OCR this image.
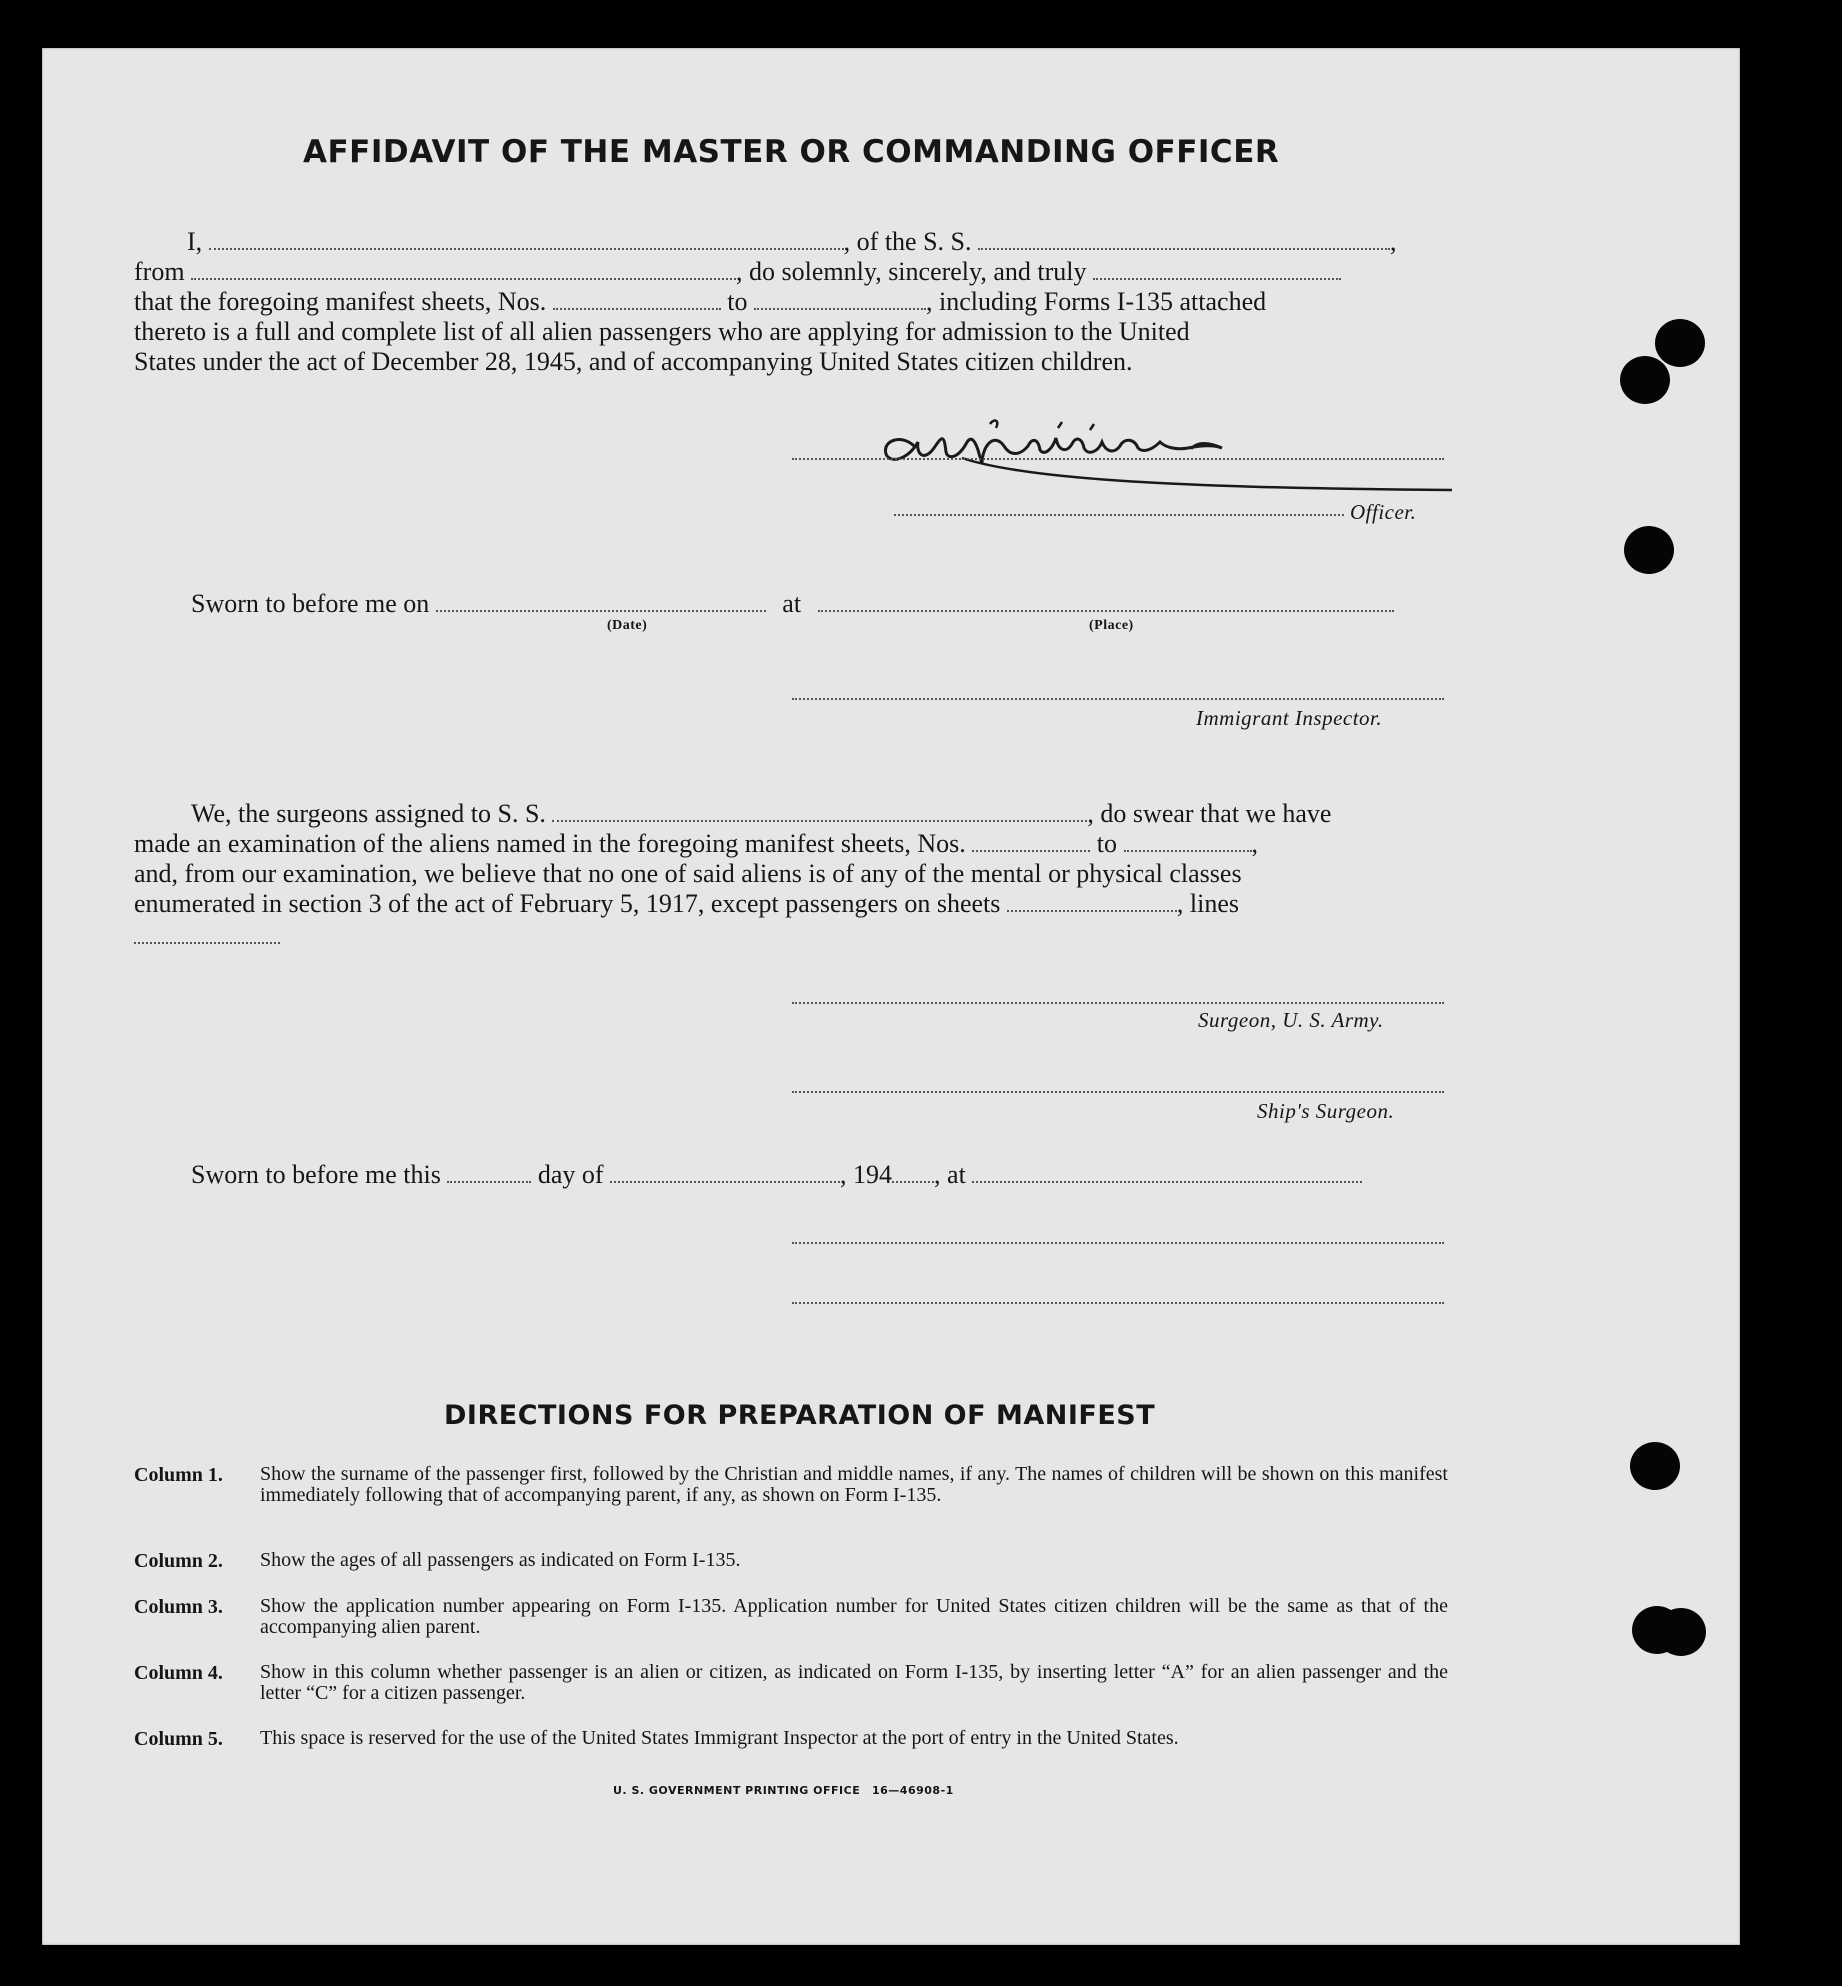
AFFIDAVIT OF THE MASTER OR COMMANDING OFFICER
I,	, of the S. S.	,
from	, do solemnly, sincerely, and truly
that the foregoing manifest sheets, Nos.	to	, including Forms I-135 attached
thereto is a full and complete list of all alien passengers who are applying for admission to the United
States under the act of December 28, 1945, and of accompanying United States citizen children.
Officer.
Sworn to before me on	at
(Date)	(Place)
Immigrant Inspector.
We, the surgeons assigned to S. S.	, do swear that we have
made an examination of the aliens named in the foregoing manifest sheets, Nos.	to	,
and, from our examination, we believe that no one of said aliens is of any of the mental or physical classes
enumerated in section 3 of the act of February 5, 1917, except passengers on sheets	, lines
Surgeon, U. S. Army.
Ship's Surgeon.
Sworn to before me this	day of	, 194 , at
DIRECTIONS FOR PREPARATION OF MANIFEST
Column 1. Show the surname of the passenger first, followed by the Christian and middle names, if any. The names of children will be shown on this manifest immediately following that of accompanying parent, if any, as shown on Form I-135.
Column 2. Show the ages of all passengers as indicated on Form I-135.
Column 3. Show the application number appearing on Form I-135. Application number for United States citizen children will be the same as that of the accompanying alien parent.
Column 4. Show in this column whether passenger is an alien or citizen, as indicated on Form I-135, by inserting letter “A” for an alien passenger and the letter “C” for a citizen passenger.
Column 5. This space is reserved for the use of the United States Immigrant Inspector at the port of entry in the United States.
U. S. GOVERNMENT PRINTING OFFICE 16—46908-1
